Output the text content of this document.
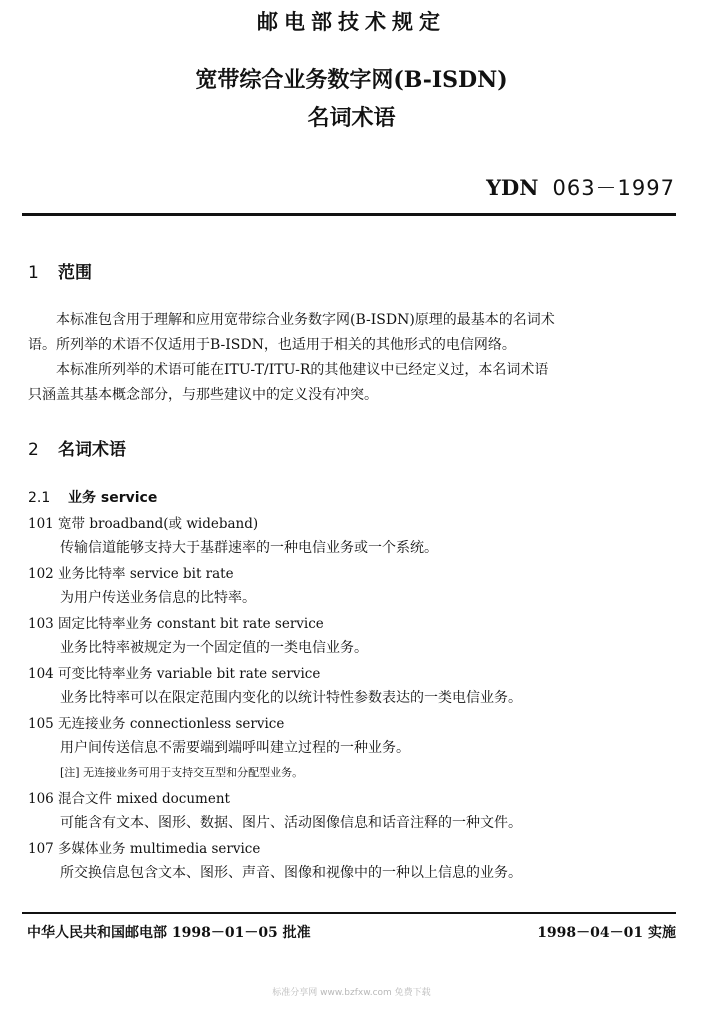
邮电部技术规定
宽带综合业务数字网(B-ISDN)
名词术语
YDN 063－1997
1 范围
本标准包含用于理解和应用宽带综合业务数字网(B-ISDN)原理的最基本的名词术
语。所列举的术语不仅适用于B-ISDN，也适用于相关的其他形式的电信网络。
本标准所列举的术语可能在ITU-T/ITU-R的其他建议中已经定义过，本名词术语
只涵盖其基本概念部分，与那些建议中的定义没有冲突。
2 名词术语
2.1 业务 service
101 宽带 broadband(或 wideband)
传输信道能够支持大于基群速率的一种电信业务或一个系统。
102 业务比特率 service bit rate
为用户传送业务信息的比特率。
103 固定比特率业务 constant bit rate service
业务比特率被规定为一个固定值的一类电信业务。
104 可变比特率业务 variable bit rate service
业务比特率可以在限定范围内变化的以统计特性参数表达的一类电信业务。
105 无连接业务 connectionless service
用户间传送信息不需要端到端呼叫建立过程的一种业务。
[注] 无连接业务可用于支持交互型和分配型业务。
106 混合文件 mixed document
可能含有文本、图形、数据、图片、活动图像信息和话音注释的一种文件。
107 多媒体业务 multimedia service
所交换信息包含文本、图形、声音、图像和视像中的一种以上信息的业务。
中华人民共和国邮电部 1998－01－05 批准	1998－04－01 实施
标准分享网 www.bzfxw.com 免费下载
